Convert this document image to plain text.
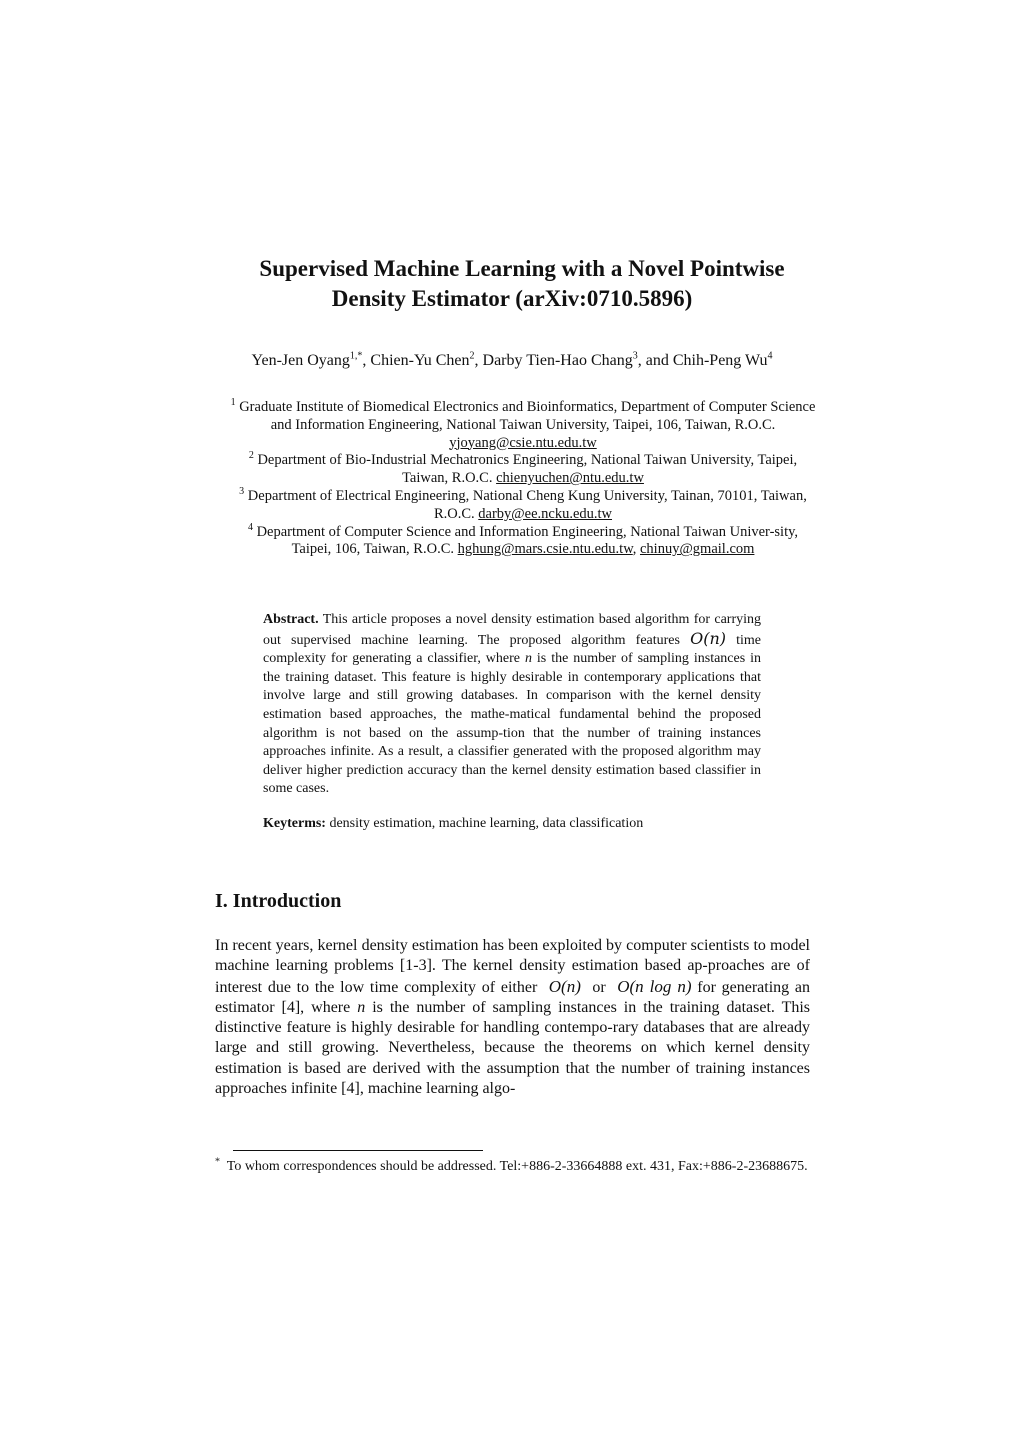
Supervised Machine Learning with a Novel Pointwise
Density Estimator (arXiv:0710.5896)
Yen-Jen Oyang$^{1,*}$, Chien-Yu Chen$^2$, Darby Tien-Hao Chang$^3$, and Chih-Peng Wu$^4$

$^1$ Graduate Institute of Biomedical Electronics and Bioinformatics, Department of Computer Science and Information Engineering, National Taiwan University, Taipei, 106, Taiwan, R.O.C. yjoyang@csie.ntu.edu.tw

$^2$ Department of Bio-Industrial Mechatronics Engineering, National Taiwan University, Taipei, Taiwan, R.O.C. chienyuchen@ntu.edu.tw

$^3$ Department of Electrical Engineering, National Cheng Kung University, Tainan, 70101, Taiwan, R.O.C. darby@ee.ncku.edu.tw

$^4$ Department of Computer Science and Information Engineering, National Taiwan Univer-sity, Taipei, 106, Taiwan, R.O.C. hghung@mars.csie.ntu.edu.tw, chinuy@gmail.com

Abstract. This article proposes a novel density estimation based algorithm for carrying out supervised machine learning. The proposed algorithm features O(n) time complexity for generating a classifier, where n is the number of sampling instances in the training dataset. This feature is highly desirable in contemporary applications that involve large and still growing databases. In comparison with the kernel density estimation based approaches, the mathe-matical fundamental behind the proposed algorithm is not based on the assump-tion that the number of training instances approaches infinite. As a result, a classifier generated with the proposed algorithm may deliver higher prediction accuracy than the kernel density estimation based classifier in some cases.
Keyterms: density estimation, machine learning, data classification
I. Introduction
In recent years, kernel density estimation has been exploited by computer scientists to model machine learning problems [1-3]. The kernel density estimation based ap-proaches are of interest due to the low time complexity of either O(n) or O(n log n) for generating an estimator [4], where n is the number of sampling instances in the training dataset. This distinctive feature is highly desirable for handling contempo-rary databases that are already large and still growing. Nevertheless, because the theorems on which kernel density estimation is based are derived with the assumption that the number of training instances approaches infinite [4], machine learning algo-
* To whom correspondences should be addressed. Tel:+886-2-33664888 ext. 431, Fax:+886-2-23688675.
